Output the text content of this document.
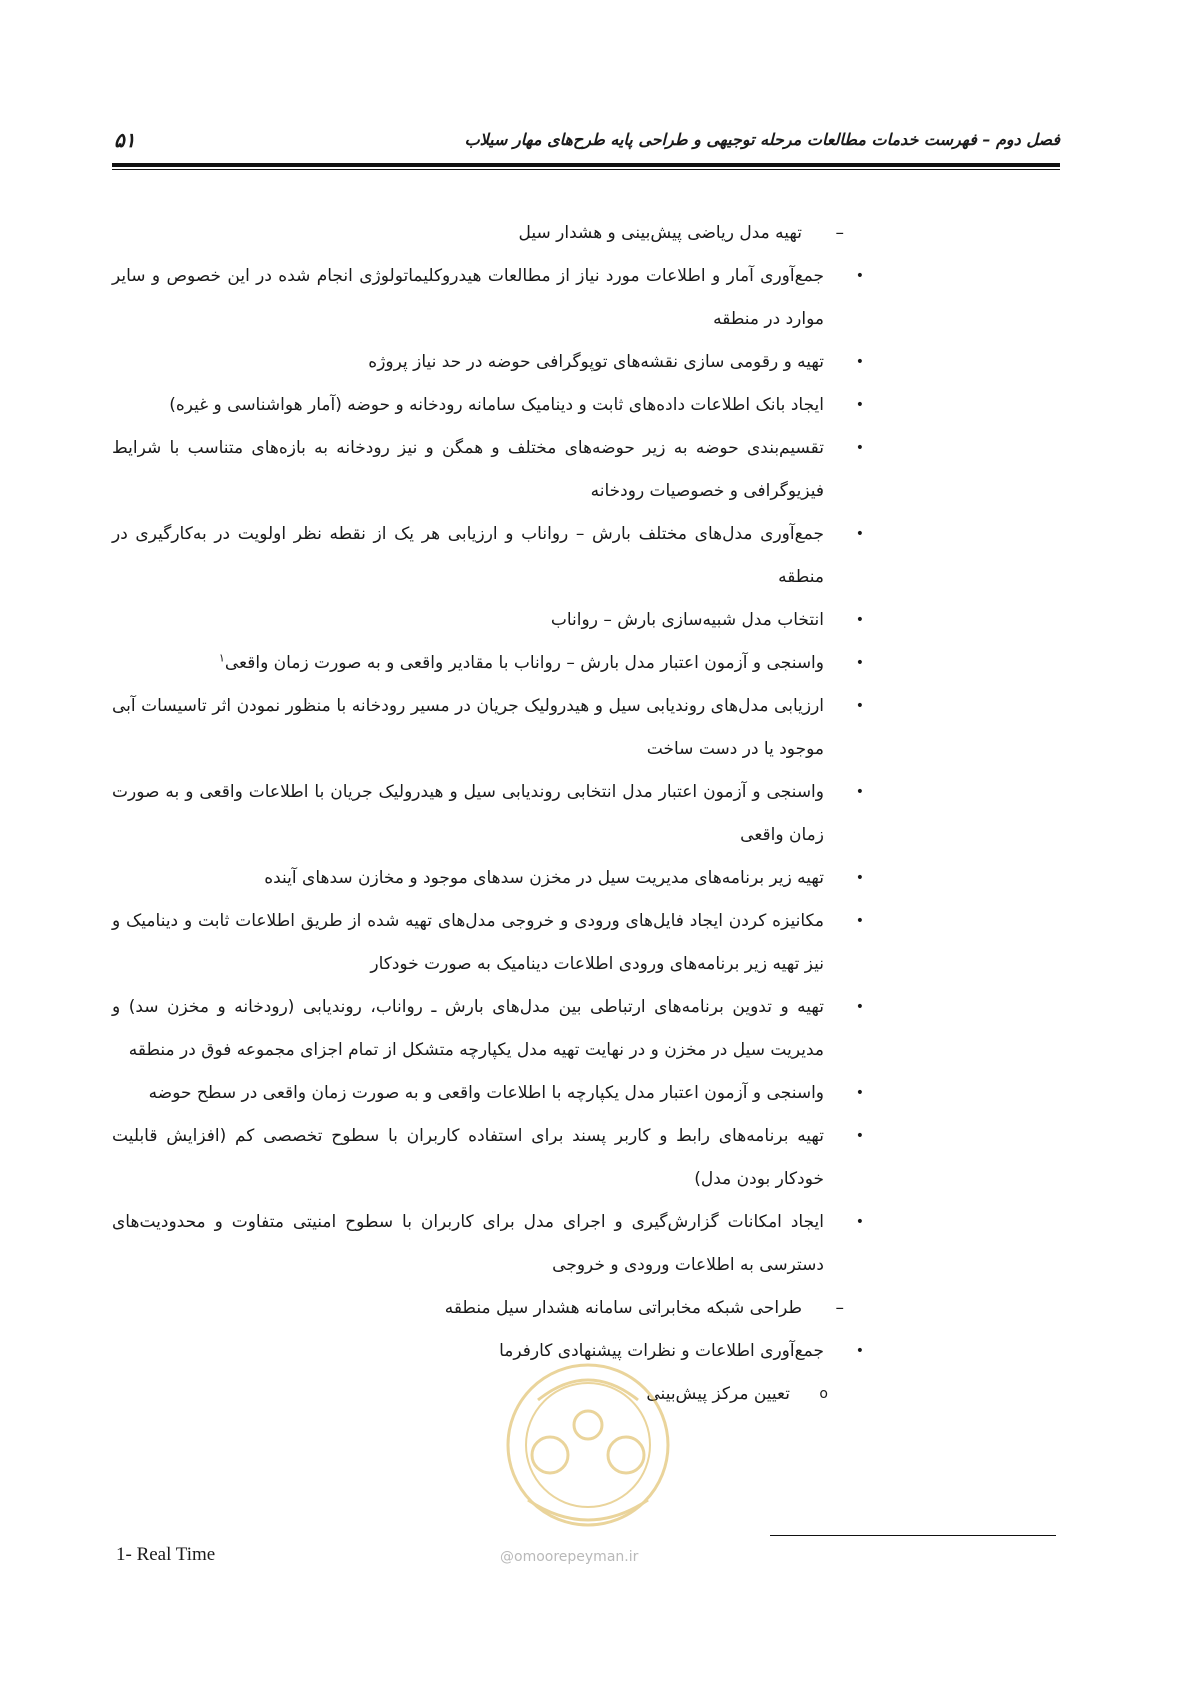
فصل دوم – فهرست خدمات مطالعات مرحله توجیهی و طراحی پایه طرح‌های مهار سیلاب
۵۱
–
تهیه مدل ریاضی پیش‌بینی و هشدار سیل
•
جمع‌آوری آمار و اطلاعات مورد نیاز از مطالعات هیدروکلیماتولوژی انجام شده در این خصوص و سایر موارد در منطقه
•
تهیه و رقومی سازی نقشه‌های توپوگرافی حوضه در حد نیاز پروژه
•
ایجاد بانک اطلاعات داده‌های ثابت و دینامیک سامانه رودخانه و حوضه (آمار هواشناسی و غیره)
•
تقسیم‌بندی حوضه به زیر حوضه‌های مختلف و همگن و نیز رودخانه به بازه‌های متناسب با شرایط فیزیوگرافی و خصوصیات رودخانه
•
جمع‌آوری مدل‌های مختلف بارش – رواناب و ارزیابی هر یک از نقطه نظر اولویت در به‌کارگیری در منطقه
•
انتخاب مدل شبیه‌سازی بارش – رواناب
•
واسنجی و آزمون اعتبار مدل بارش – رواناب با مقادیر واقعی و به صورت زمان واقعی$^۱$
•
ارزیابی مدل‌های روندیابی سیل و هیدرولیک جریان در مسیر رودخانه با منظور نمودن اثر تاسیسات آبی موجود یا در دست ساخت
•
واسنجی و آزمون اعتبار مدل انتخابی روندیابی سیل و هیدرولیک جریان با اطلاعات واقعی و به صورت زمان واقعی
•
تهیه زیر برنامه‌های مدیریت سیل در مخزن سدهای موجود و مخازن سدهای آینده
•
مکانیزه کردن ایجاد فایل‌های ورودی و خروجی مدل‌های تهیه شده از طریق اطلاعات ثابت و دینامیک و نیز تهیه زیر برنامه‌های ورودی اطلاعات دینامیک به صورت خودکار
•
تهیه و تدوین برنامه‌های ارتباطی بین مدل‌های بارش ـ رواناب، روندیابی (رودخانه و مخزن سد) و مدیریت سیل در مخزن و در نهایت تهیه مدل یکپارچه متشکل از تمام اجزای مجموعه فوق در منطقه
•
واسنجی و آزمون اعتبار مدل یکپارچه با اطلاعات واقعی و به صورت زمان واقعی در سطح حوضه
•
تهیه برنامه‌های رابط و کاربر پسند برای استفاده کاربران با سطوح تخصصی کم (افزایش قابلیت خودکار بودن مدل)
•
ایجاد امکانات گزارش‌گیری و اجرای مدل برای کاربران با سطوح امنیتی متفاوت و محدودیت‌های دسترسی به اطلاعات ورودی و خروجی
–
طراحی شبکه مخابراتی سامانه هشدار سیل منطقه
•
جمع‌آوری اطلاعات و نظرات پیشنهادی کارفرما
o
تعیین مرکز پیش‌بینی
@omoorepeyman.ir
1- Real Time
